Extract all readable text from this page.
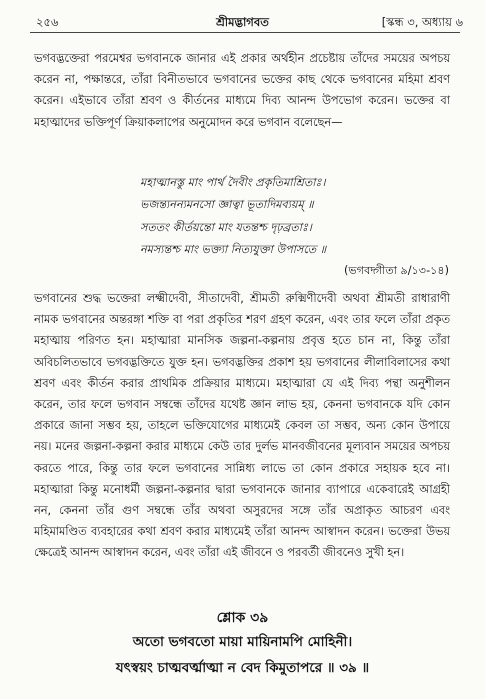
২৫৬	শ্রীমদ্ভাগবত	[স্কন্ধ ৩, অধ্যায় ৬
ভগবদ্ভক্তেরা পরমেশ্বর ভগবানকে জানার এই প্রকার অর্থহীন প্রচেষ্টায় তাঁদের সময়ের অপচয় করেন না, পক্ষান্তরে, তাঁরা বিনীতভাবে ভগবানের ভক্তের কাছ থেকে ভগবানের মহিমা শ্রবণ করেন। এইভাবে তাঁরা শ্রবণ ও কীর্তনের মাধ্যমে দিব্য আনন্দ উপভোগ করেন। ভক্তের বা মহাত্মাদের ভক্তিপূর্ণ ক্রিয়াকলাপের অনুমোদন করে ভগবান বলেছেন—
মহাত্মানস্তু মাং পার্থ দৈবীং প্রকৃতিমাশ্রিতাঃ।
ভজন্ত্যনন্যমনসো জ্ঞাত্বা ভূতাদিমব্যয়ম্ ॥
সততং কীর্তয়ন্তো মাং যতন্তশ্চ দৃঢ়ব্রতাঃ।
নমস্যন্তশ্চ মাং ভক্ত্যা নিত্যযুক্তা উপাসতে ॥
(ভগবদ্গীতা ৯/১৩-১৪)
ভগবানের শুদ্ধ ভক্তেরা লক্ষ্মীদেবী, সীতাদেবী, শ্রীমতী রুক্মিণীদেবী অথবা শ্রীমতী রাধারাণী নামক ভগবানের অন্তরঙ্গা শক্তি বা পরা প্রকৃতির শরণ গ্রহণ করেন, এবং তার ফলে তাঁরা প্রকৃত মহাত্মায় পরিণত হন। মহাত্মারা মানসিক জল্পনা-কল্পনায় প্রবৃত্ত হতে চান না, কিন্তু তাঁরা অবিচলিতভাবে ভগবদ্ভক্তিতে যুক্ত হন। ভগবদ্ভক্তির প্রকাশ হয় ভগবানের লীলাবিলাসের কথা শ্রবণ এবং কীর্তন করার প্রাথমিক প্রক্রিয়ার মাধ্যমে। মহাত্মারা যে এই দিব্য পন্থা অনুশীলন করেন, তার ফলে ভগবান সম্বন্ধে তাঁদের যথেষ্ট জ্ঞান লাভ হয়, কেননা ভগবানকে যদি কোন প্রকারে জানা সম্ভব হয়, তাহলে ভক্তিযোগের মাধ্যমেই কেবল তা সম্ভব, অন্য কোন উপায়ে নয়। মনের জল্পনা-কল্পনা করার মাধ্যমে কেউ তার দুর্লভ মানবজীবনের মূল্যবান সময়ের অপচয় করতে পারে, কিন্তু তার ফলে ভগবানের সান্নিধ্য লাভে তা কোন প্রকারে সহায়ক হবে না। মহাত্মারা কিন্তু মনোধর্মী জল্পনা-কল্পনার দ্বারা ভগবানকে জানার ব্যাপারে একেবারেই আগ্রহী নন, কেননা তাঁর গুণ সম্বন্ধে তাঁর অথবা অসুরদের সঙ্গে তাঁর অপ্রাকৃত আচরণ এবং মহিমামণ্ডিত ব্যবহারের কথা শ্রবণ করার মাধ্যমেই তাঁরা আনন্দ আস্বাদন করেন। ভক্তেরা উভয় ক্ষেত্রেই আনন্দ আস্বাদন করেন, এবং তাঁরা এই জীবনে ও পরবর্তী জীবনেও সুখী হন।
শ্লোক ৩৯
অতো ভগবতো মায়া মায়িনামপি মোহিনী।
যৎস্বয়ং চাত্মবর্ত্মাত্মা ন বেদ কিমুতাপরে ॥ ৩৯ ॥
